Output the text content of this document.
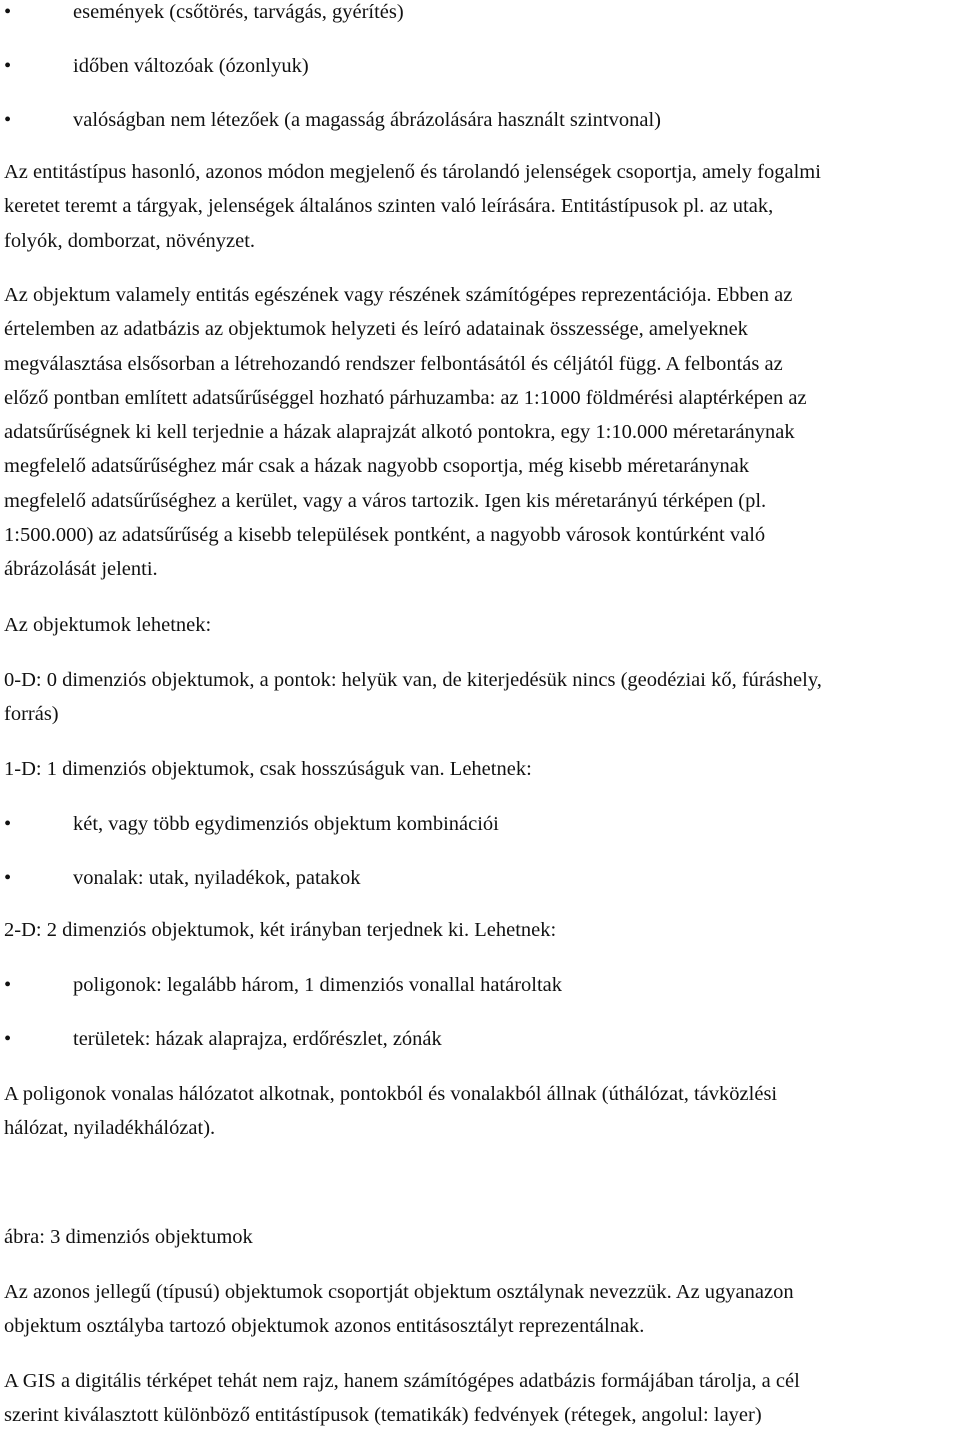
•	események (csőtörés, tarvágás, gyérítés)
•	időben változóak (ózonlyuk)
•	valóságban nem létezőek (a magasság ábrázolására használt szintvonal)
Az entitástípus hasonló, azonos módon megjelenő és tárolandó jelenségek csoportja, amely fogalmi
keretet teremt a tárgyak, jelenségek általános szinten való leírására. Entitástípusok pl. az utak,
folyók, domborzat, növényzet.
Az objektum valamely entitás egészének vagy részének számítógépes reprezentációja. Ebben az
értelemben az adatbázis az objektumok helyzeti és leíró adatainak összessége, amelyeknek
megválasztása elsősorban a létrehozandó rendszer felbontásától és céljától függ. A felbontás az
előző pontban említett adatsűrűséggel hozható párhuzamba: az 1:1000 földmérési alaptérképen az
adatsűrűségnek ki kell terjednie a házak alaprajzát alkotó pontokra, egy 1:10.000 méretaránynak
megfelelő adatsűrűséghez már csak a házak nagyobb csoportja, még kisebb méretaránynak
megfelelő adatsűrűséghez a kerület, vagy a város tartozik. Igen kis méretarányú térképen (pl.
1:500.000) az adatsűrűség a kisebb települések pontként, a nagyobb városok kontúrként való
ábrázolását jelenti.
Az objektumok lehetnek:
0-D: 0 dimenziós objektumok, a pontok: helyük van, de kiterjedésük nincs (geodéziai kő, fúráshely,
forrás)
1-D: 1 dimenziós objektumok, csak hosszúságuk van. Lehetnek:
•	két, vagy több egydimenziós objektum kombinációi
•	vonalak: utak, nyiladékok, patakok
2-D: 2 dimenziós objektumok, két irányban terjednek ki. Lehetnek:
•	poligonok: legalább három, 1 dimenziós vonallal határoltak
•	területek: házak alaprajza, erdőrészlet, zónák
A poligonok vonalas hálózatot alkotnak, pontokból és vonalakból állnak (úthálózat, távközlési
hálózat, nyiladékhálózat).
ábra: 3 dimenziós objektumok
Az azonos jellegű (típusú) objektumok csoportját objektum osztálynak nevezzük. Az ugyanazon
objektum osztályba tartozó objektumok azonos entitásosztályt reprezentálnak.
A GIS a digitális térképet tehát nem rajz, hanem számítógépes adatbázis formájában tárolja, a cél
szerint kiválasztott különböző entitástípusok (tematikák) fedvények (rétegek, angolul: layer)
